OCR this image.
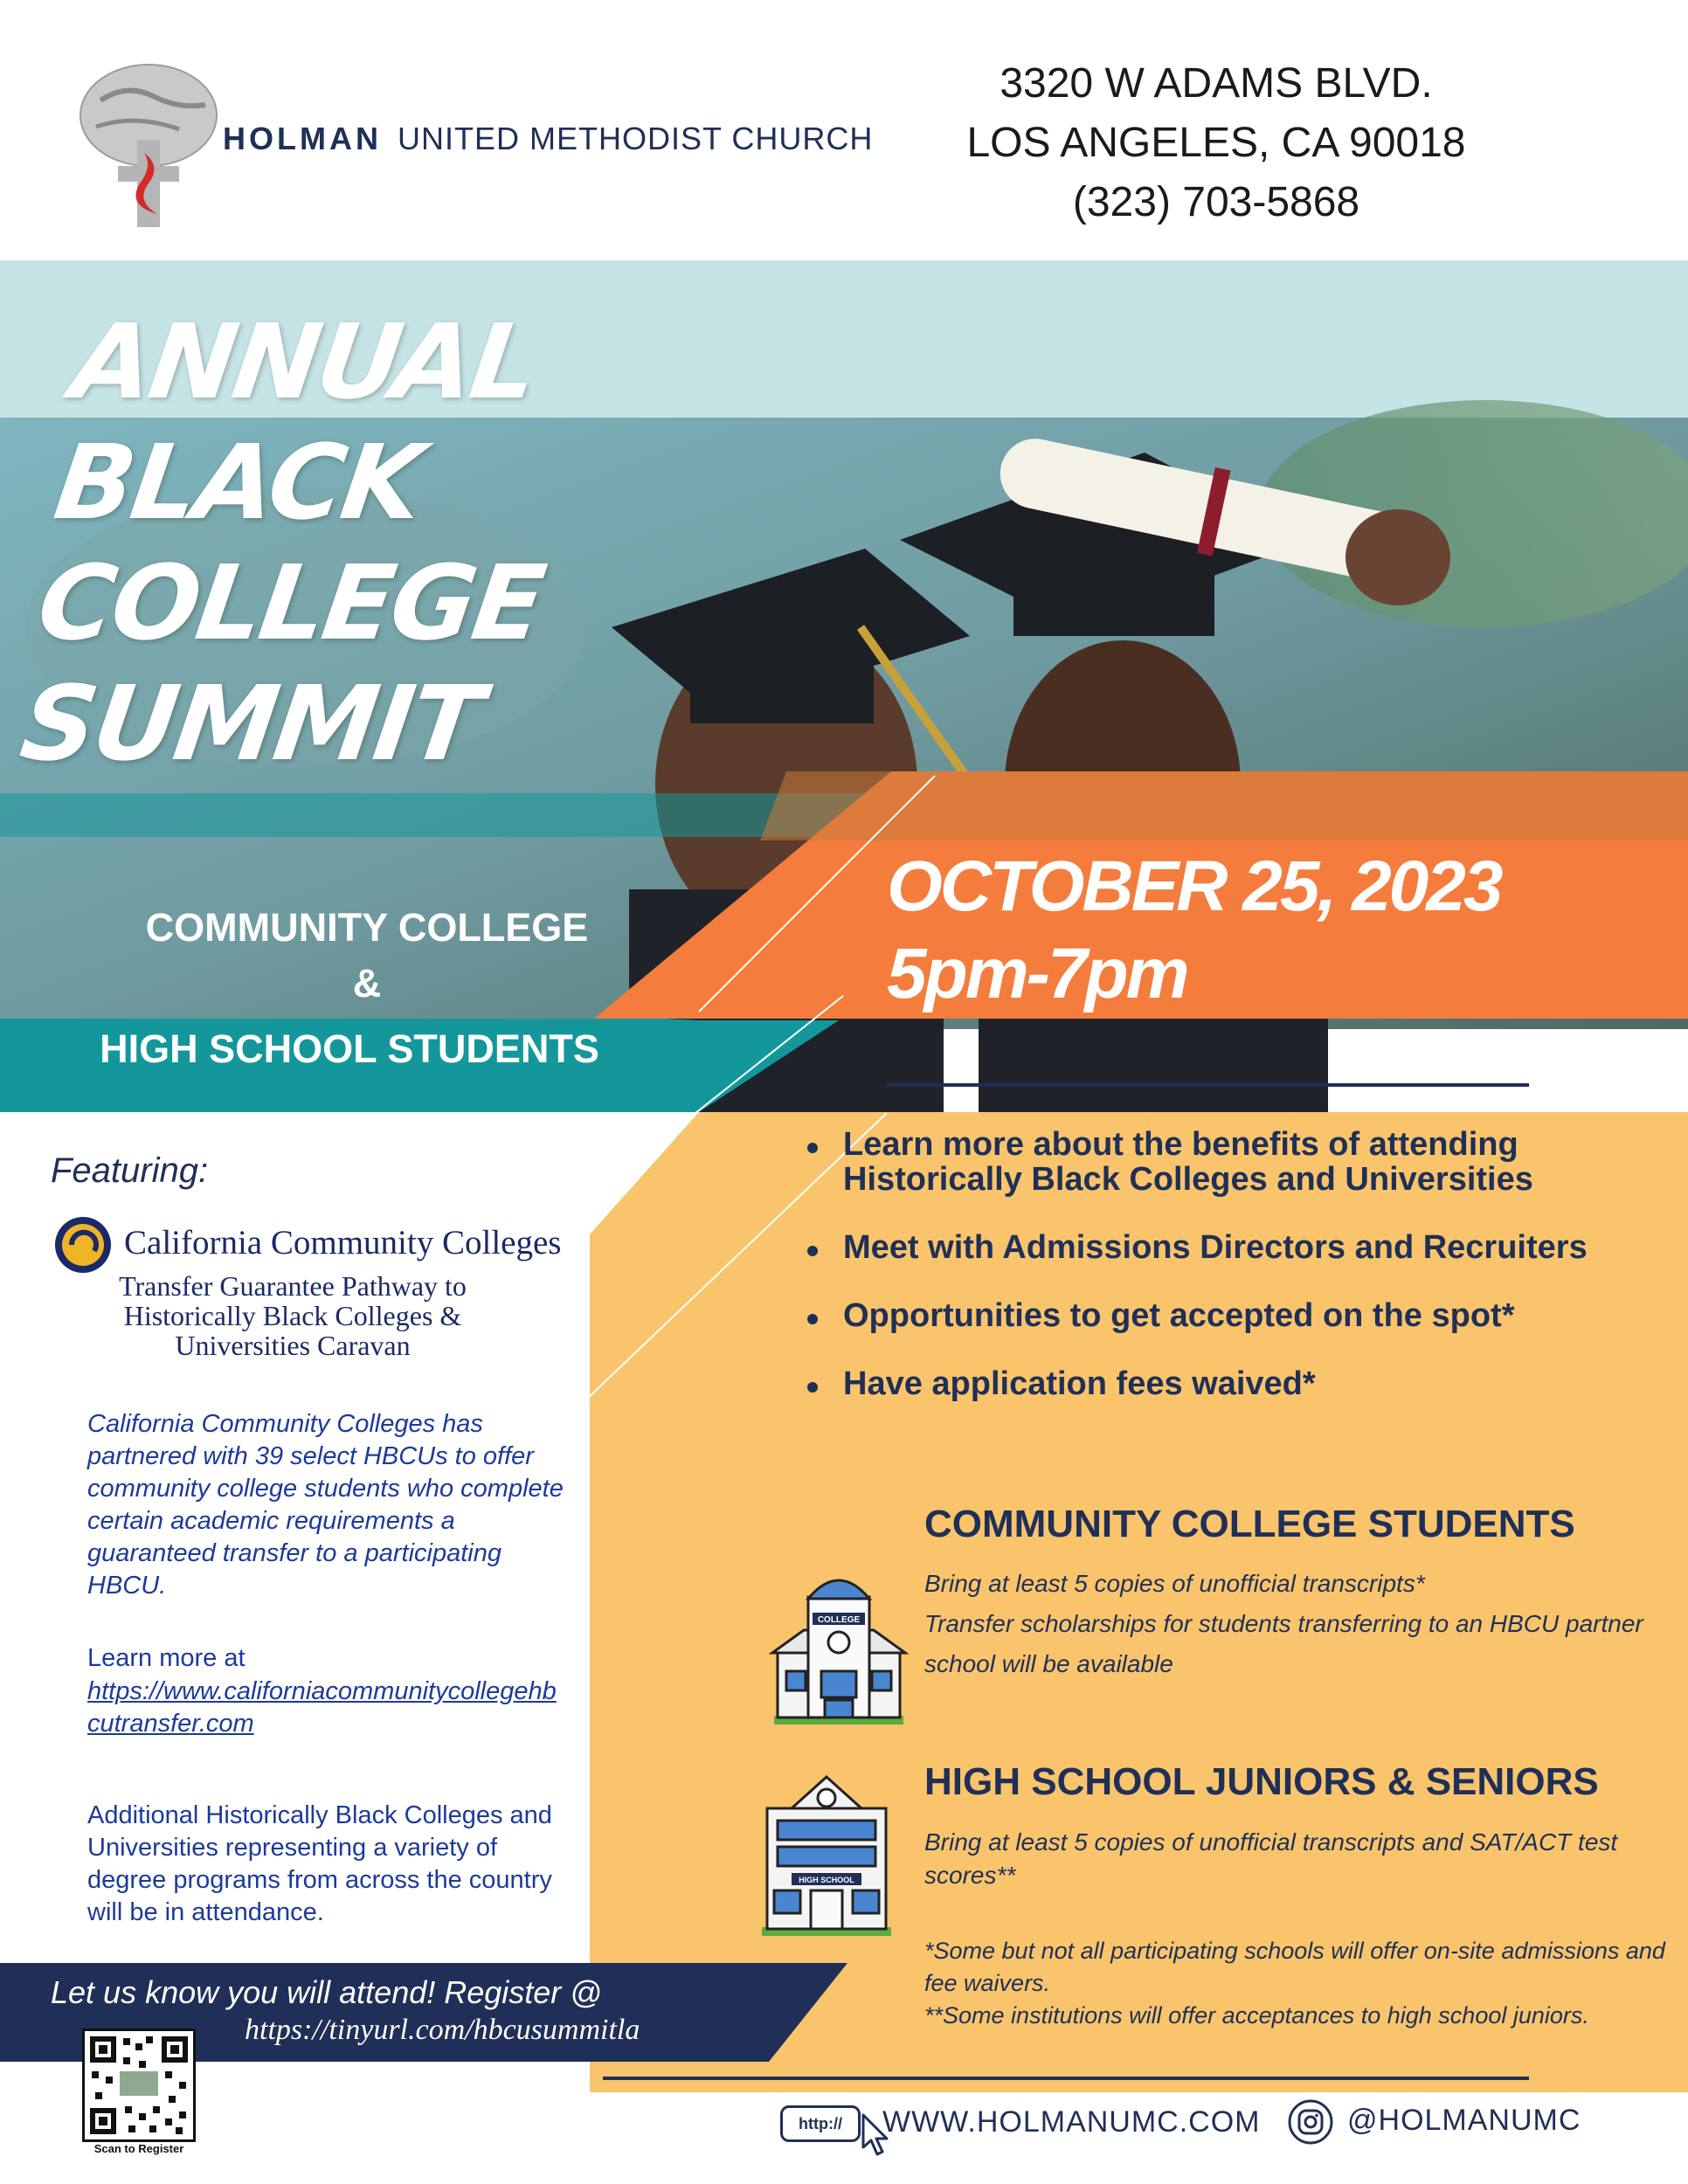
HOLMAN UNITED METHODIST CHURCH
3320 W ADAMS BLVD.
LOS ANGELES, CA 90018
(323) 703-5868
ANNUAL
BLACK
COLLEGE
SUMMIT
OCTOBER 25, 2023
5pm-7pm
COMMUNITY COLLEGE
&
HIGH SCHOOL STUDENTS
Learn more about the benefits of attending Historically Black Colleges and Universities
Meet with Admissions Directors and Recruiters
Opportunities to get accepted on the spot*
Have application fees waived*
COMMUNITY COLLEGE STUDENTS
Bring at least 5 copies of unofficial transcripts*
Transfer scholarships for students transferring to an HBCU partner school will be available
COLLEGE
HIGH SCHOOL JUNIORS & SENIORS
Bring at least 5 copies of unofficial transcripts and SAT/ACT test scores**
HIGH SCHOOL
*Some but not all participating schools will offer on-site admissions and fee waivers.
**Some institutions will offer acceptances to high school juniors.
Featuring:
California Community Colleges
Transfer Guarantee Pathway to
Historically Black Colleges &
Universities Caravan
California Community Colleges has partnered with 39 select HBCUs to offer community college students who complete certain academic requirements a guaranteed transfer to a participating HBCU.
Learn more at
https://www.californiacommunitycollegehbcutransfer.com
Additional Historically Black Colleges and Universities representing a variety of degree programs from across the country will be in attendance.
Let us know you will attend! Register @
https://tinyurl.com/hbcusummitla
Scan to Register
http://	WWW.HOLMANUMC.COM	@HOLMANUMC
